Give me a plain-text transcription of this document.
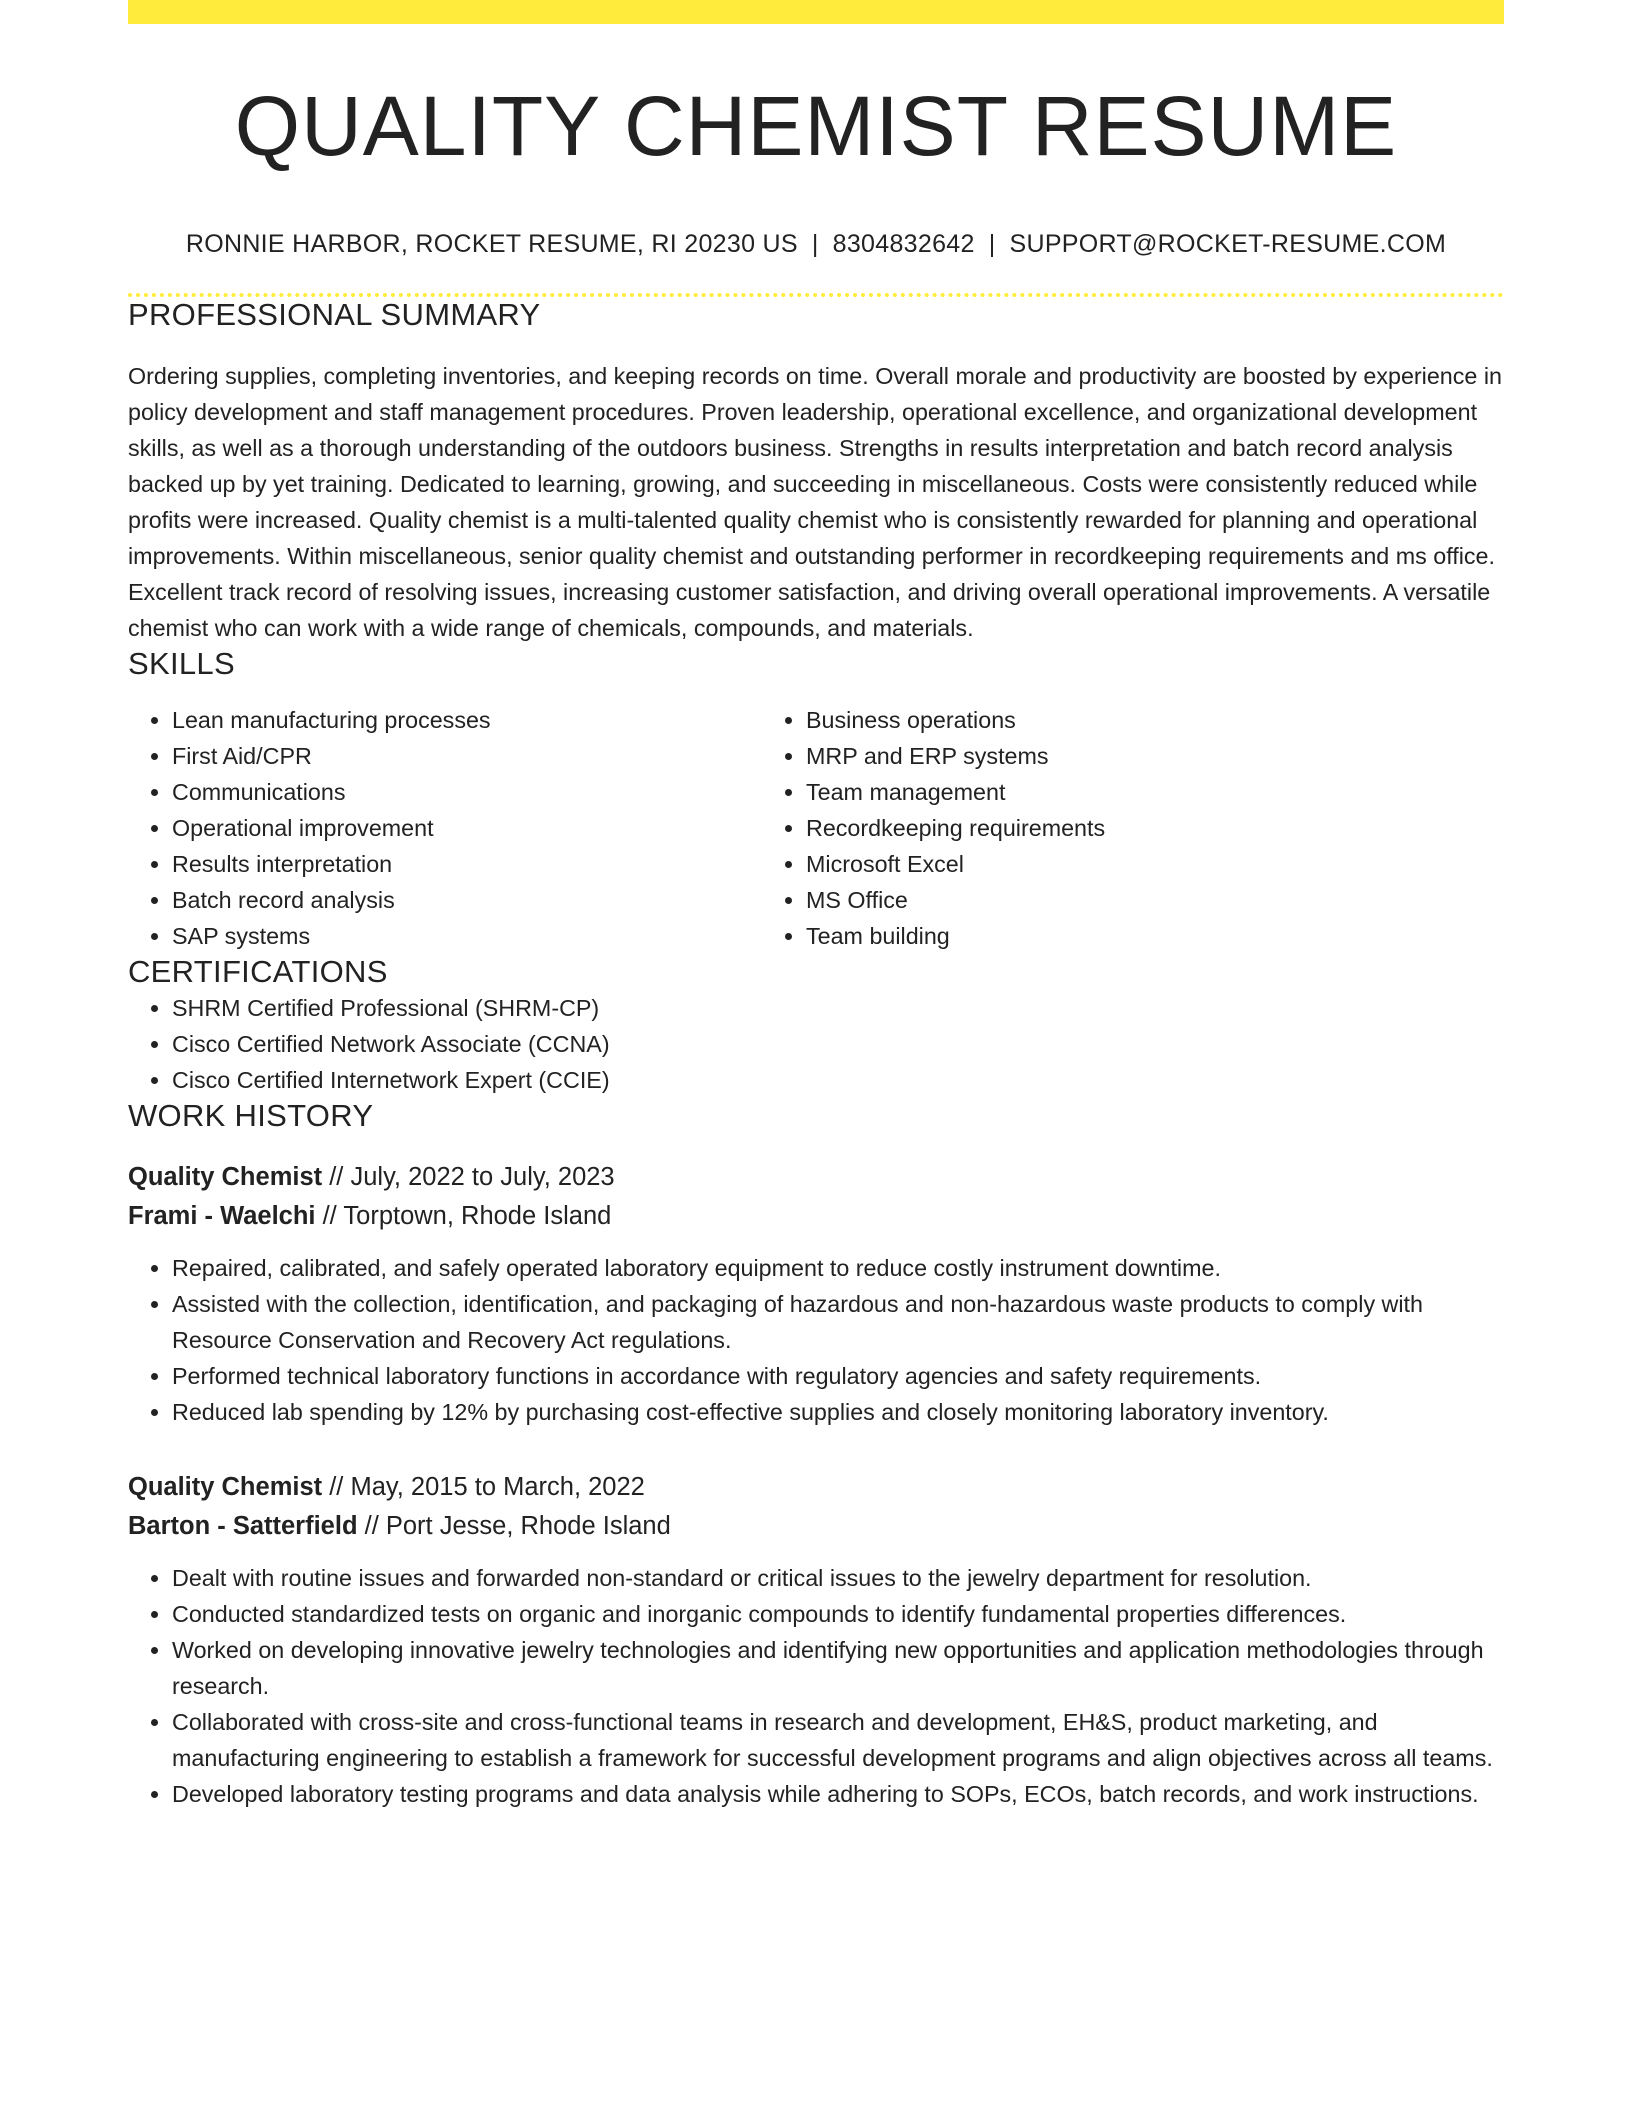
QUALITY CHEMIST RESUME
RONNIE HARBOR, ROCKET RESUME, RI 20230 US | 8304832642 | SUPPORT@ROCKET-RESUME.COM
PROFESSIONAL SUMMARY

Ordering supplies, completing inventories, and keeping records on time. Overall morale and productivity are boosted by experience in policy development and staff management procedures. Proven leadership, operational excellence, and organizational development skills, as well as a thorough understanding of the outdoors business. Strengths in results interpretation and batch record analysis backed up by yet training. Dedicated to learning, growing, and succeeding in miscellaneous. Costs were consistently reduced while profits were increased. Quality chemist is a multi-talented quality chemist who is consistently rewarded for planning and operational improvements. Within miscellaneous, senior quality chemist and outstanding performer in recordkeeping requirements and ms office. Excellent track record of resolving issues, increasing customer satisfaction, and driving overall operational improvements. A versatile chemist who can work with a wide range of chemicals, compounds, and materials.

SKILLS
• Lean manufacturing processes
• First Aid/CPR
• Communications
• Operational improvement
• Results interpretation
• Batch record analysis
• SAP systems
• Business operations
• MRP and ERP systems
• Team management
• Recordkeeping requirements
• Microsoft Excel
• MS Office
• Team building
CERTIFICATIONS
• SHRM Certified Professional (SHRM-CP)
• Cisco Certified Network Associate (CCNA)
• Cisco Certified Internetwork Expert (CCIE)
WORK HISTORY
Quality Chemist // July, 2022 to July, 2023
Frami - Waelchi // Torptown, Rhode Island
• Repaired, calibrated, and safely operated laboratory equipment to reduce costly instrument downtime.
• Assisted with the collection, identification, and packaging of hazardous and non-hazardous waste products to comply with Resource Conservation and Recovery Act regulations.
• Performed technical laboratory functions in accordance with regulatory agencies and safety requirements.
• Reduced lab spending by 12% by purchasing cost-effective supplies and closely monitoring laboratory inventory.
Quality Chemist // May, 2015 to March, 2022
Barton - Satterfield // Port Jesse, Rhode Island
• Dealt with routine issues and forwarded non-standard or critical issues to the jewelry department for resolution.
• Conducted standardized tests on organic and inorganic compounds to identify fundamental properties differences.
• Worked on developing innovative jewelry technologies and identifying new opportunities and application methodologies through research.
• Collaborated with cross-site and cross-functional teams in research and development, EH&S, product marketing, and manufacturing engineering to establish a framework for successful development programs and align objectives across all teams.
• Developed laboratory testing programs and data analysis while adhering to SOPs, ECOs, batch records, and work instructions.
